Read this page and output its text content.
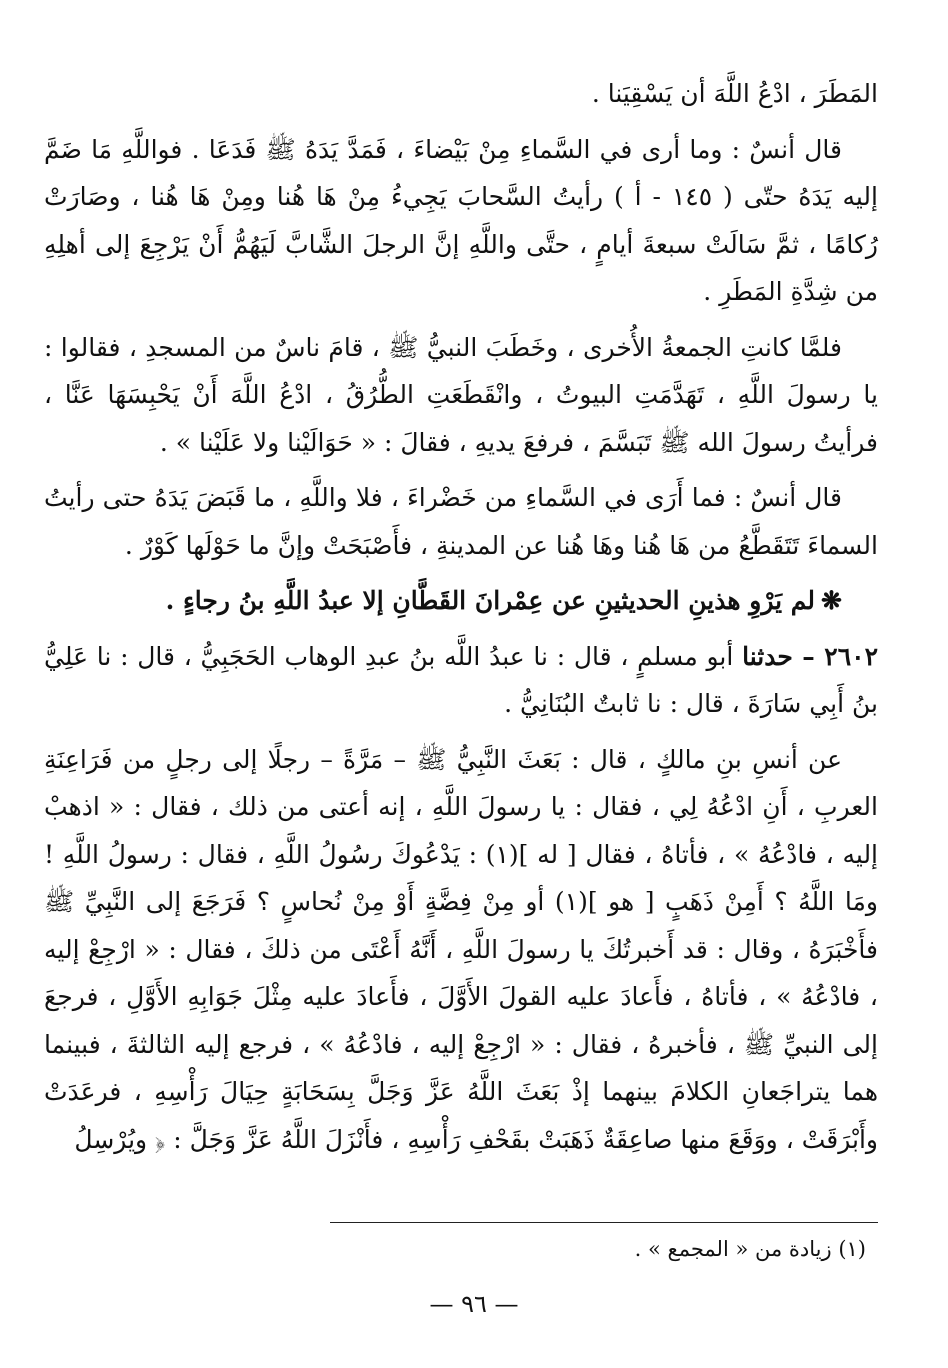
المَطَرَ ، ادْعُ اللَّهَ أن يَسْقِيَنا .

قال أنسٌ : وما أرى في السَّماءِ مِنْ بَيْضاءَ ، فَمَدَّ يَدَهُ ﷺ فَدَعَا . فواللَّهِ مَا ضَمَّ إليه يَدَهُ حتّى ( ١٤٥ - أ ) رأيتُ السَّحابَ يَجِيءُ مِنْ هَا هُنا ومِنْ هَا هُنا ، وصَارَتْ رُكامًا ، ثمَّ سَالَتْ سبعةَ أيامٍ ، حتَّى واللَّهِ إنَّ الرجلَ الشَّابَّ لَيَهُمُّ أَنْ يَرْجِعَ إلى أهلِهِ من شِدَّةِ المَطَرِ .

فلمَّا كانتِ الجمعةُ الأُخرى ، وخَطَبَ النبيُّ ﷺ ، قامَ ناسٌ من المسجدِ ، فقالوا : يا رسولَ اللَّهِ ، تَهَدَّمَتِ البيوتُ ، وانْقَطَعَتِ الطُّرُقُ ، ادْعُ اللَّهَ أَنْ يَحْبِسَهَا عَنَّا ، فرأيتُ رسولَ الله ﷺ تَبَسَّمَ ، فرفعَ يديهِ ، فقالَ : « حَوَالَيْنا ولا عَلَيْنا » .

قال أنسٌ : فما أَرَى في السَّماءِ من خَضْراءَ ، فلا واللَّهِ ، ما قَبَضَ يَدَهُ حتى رأيتُ السماءَ تَتَقَطَّعُ من هَا هُنا وهَا هُنا عن المدينةِ ، فأَصْبَحَتْ وإنَّ ما حَوْلَها كَوْرٌ .

❋لم يَرْوِ هذينِ الحديثينِ عن عِمْرانَ القَطَّانِ إلا عبدُ اللَّهِ بنُ رجاءٍ .

٢٦٠٢ – حدثنا أبو مسلمٍ ، قال : نا عبدُ اللَّه بنُ عبدِ الوهاب الحَجَبِيُّ ، قال : نا عَلِيُّ بنُ أَبِي سَارَةَ ، قال : نا ثابتٌ البُنَانِيُّ .

عن أنسِ بنِ مالكٍ ، قال : بَعَثَ النَّبِيُّ ﷺ – مَرَّةً – رجلًا إلى رجلٍ من فَرَاعِنَةِ العربِ ، أَنِ ادْعُهُ لِي ، فقال : يا رسولَ اللَّهِ ، إنه أعتى من ذلك ، فقال : « اذهبْ إليه ، فادْعُهُ » ، فأتاهُ ، فقال [ له ](١) : يَدْعُوكَ رسُولُ اللَّهِ ، فقال : رسولُ اللَّهِ ! ومَا اللَّهُ ؟ أَمِنْ ذَهَبٍ [ هو ](١) أو مِنْ فِضَّةٍ أَوْ مِنْ نُحاسٍ ؟ فَرَجَعَ إلى النَّبِيِّ ﷺ فأَخْبَرَهُ ، وقال : قد أَخبرتُكَ يا رسولَ اللَّهِ ، أَنَّهُ أَعْتَى من ذلكَ ، فقال : « ارْجِعْ إليه ، فادْعُهُ » ، فأتاهُ ، فأَعادَ عليه القولَ الأَوَّلَ ، فأَعادَ عليه مِثْلَ جَوَابِهِ الأَوَّلِ ، فرجعَ إلى النبيِّ ﷺ ، فأخبرهُ ، فقال : « ارْجِعْ إليه ، فادْعُهُ » ، فرجع إليه الثالثةَ ، فبينما هما يتراجَعانِ الكلامَ بينهما إذْ بَعَثَ اللَّهُ عَزَّ وَجَلَّ بِسَحَابَةٍ حِيَالَ رَأْسِهِ ، فرعَدَتْ وأَبْرَقَتْ ، ووَقَعَ منها صاعِقَةٌ ذَهَبَتْ بقَحْفِ رَأْسِهِ ، فأَنْزَلَ اللَّهُ عَزَّ وَجَلَّ : ﴿ ويُرْسِلُ

(١) زيادة من « المجمع » .
— ٩٦ —
